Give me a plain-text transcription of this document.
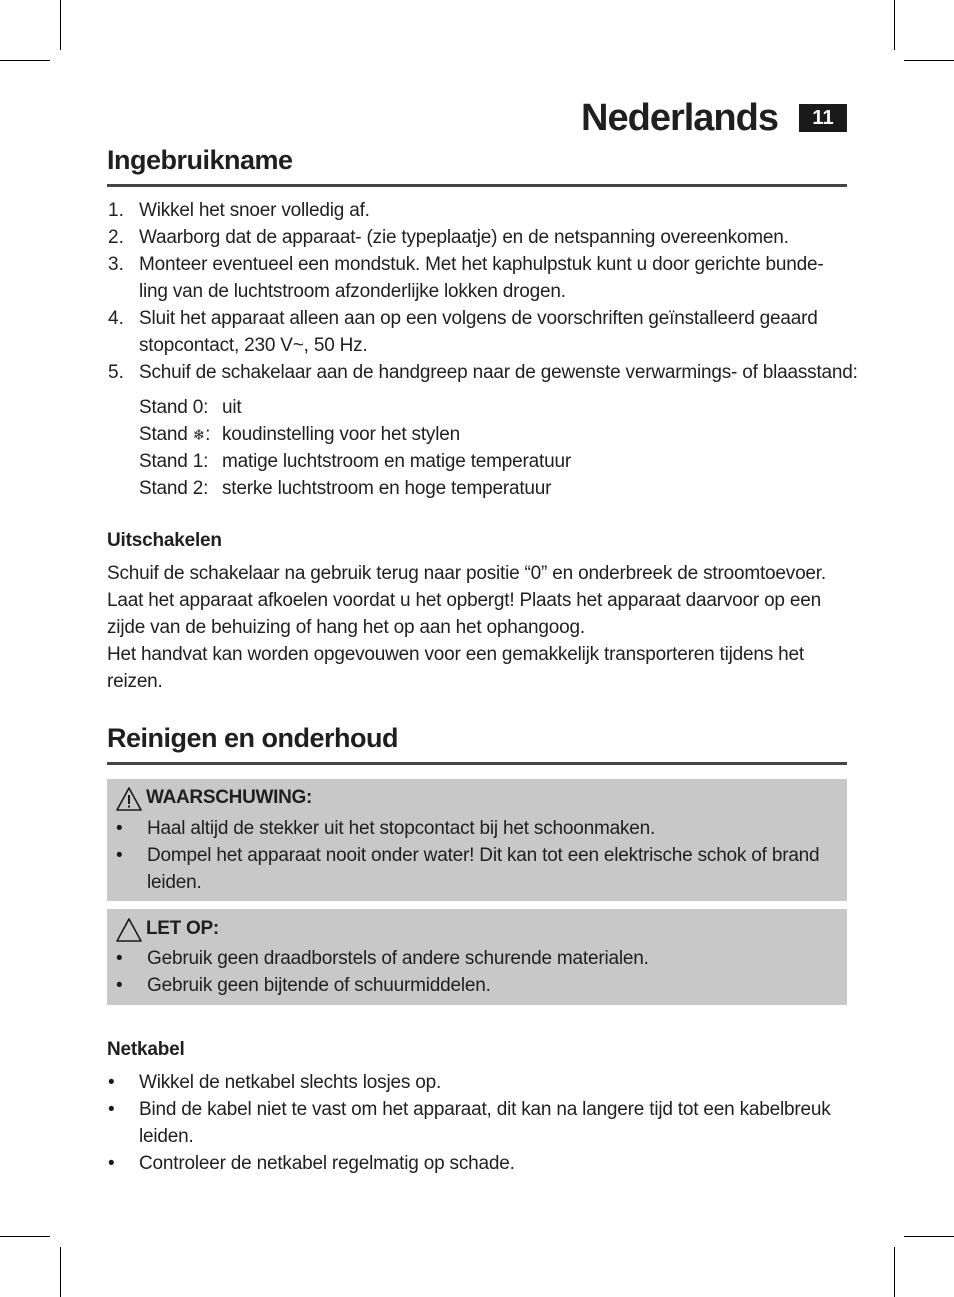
Nederlands	11
Ingebruikname
1. Wikkel het snoer volledig af.
2. Waarborg dat de apparaat- (zie typeplaatje) en de netspanning overeenkomen.
3. Monteer eventueel een mondstuk. Met het kaphulpstuk kunt u door gerichte bunde-
ling van de luchtstroom afzonderlijke lokken drogen.
4. Sluit het apparaat alleen aan op een volgens de voorschriften geïnstalleerd geaard
stopcontact, 230 V~, 50 Hz.
5. Schuif de schakelaar aan de handgreep naar de gewenste verwarmings- of blaasstand:
Stand 0: uit
Stand ❄: koudinstelling voor het stylen
Stand 1: matige luchtstroom en matige temperatuur
Stand 2: sterke luchtstroom en hoge temperatuur
Uitschakelen
Schuif de schakelaar na gebruik terug naar positie “0” en onderbreek de stroomtoevoer.
Laat het apparaat afkoelen voordat u het opbergt! Plaats het apparaat daarvoor op een
zijde van de behuizing of hang het op aan het ophangoog.
Het handvat kan worden opgevouwen voor een gemakkelijk transporteren tijdens het
reizen.
Reinigen en onderhoud
WAARSCHUWING:
• Haal altijd de stekker uit het stopcontact bij het schoonmaken.
• Dompel het apparaat nooit onder water! Dit kan tot een elektrische schok of brand
leiden.
LET OP:
• Gebruik geen draadborstels of andere schurende materialen.
• Gebruik geen bijtende of schuurmiddelen.
Netkabel
• Wikkel de netkabel slechts losjes op.
• Bind de kabel niet te vast om het apparaat, dit kan na langere tijd tot een kabelbreuk
leiden.
• Controleer de netkabel regelmatig op schade.
